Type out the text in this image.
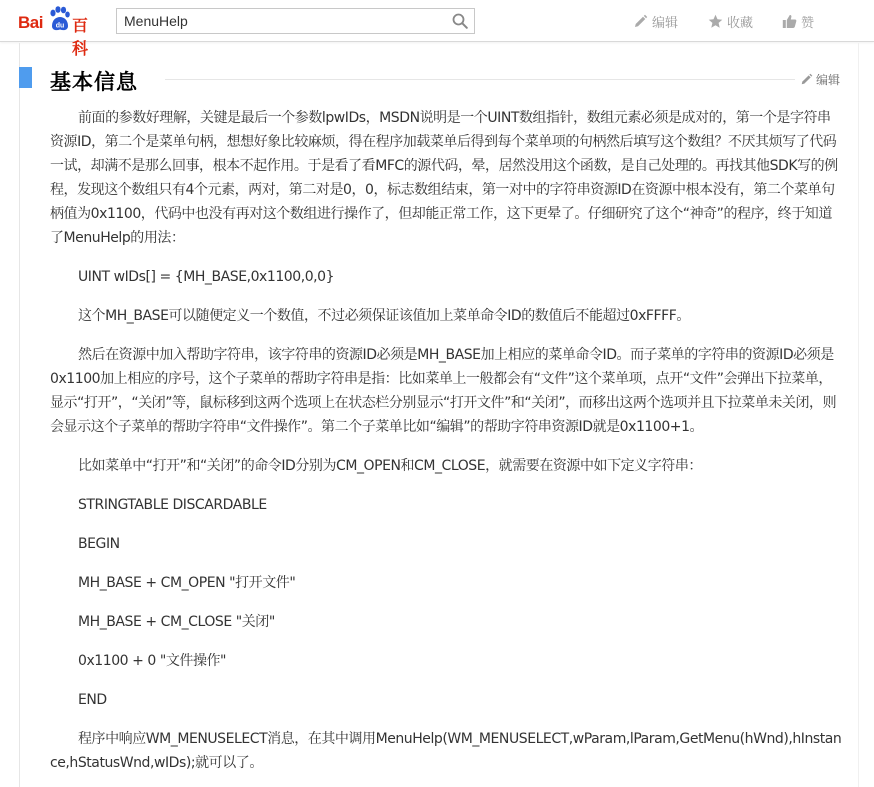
Bai du 百科
MenuHelp
编辑	收藏	赞
基本信息	编辑

前面的参数好理解，关键是最后一个参数lpwIDs，MSDN说明是一个UINT数组指针，数组元素必须是成对的，第一个是字符串资源ID，第二个是菜单句柄，想想好象比较麻烦，得在程序加载菜单后得到每个菜单项的句柄然后填写这个数组？不厌其烦写了代码一试，却满不是那么回事，根本不起作用。于是看了看MFC的源代码，晕，居然没用这个函数，是自己处理的。再找其他SDK写的例程，发现这个数组只有4个元素，两对，第二对是0，0，标志数组结束，第一对中的字符串资源ID在资源中根本没有，第二个菜单句柄值为0x1100，代码中也没有再对这个数组进行操作了，但却能正常工作，这下更晕了。仔细研究了这个“神奇”的程序，终于知道了MenuHelp的用法：

UINT wIDs[] = {MH_BASE,0x1100,0,0}

这个MH_BASE可以随便定义一个数值，不过必须保证该值加上菜单命令ID的数值后不能超过0xFFFF。

然后在资源中加入帮助字符串，该字符串的资源ID必须是MH_BASE加上相应的菜单命令ID。而子菜单的字符串的资源ID必须是0x1100加上相应的序号，这个子菜单的帮助字符串是指：比如菜单上一般都会有“文件”这个菜单项，点开“文件”会弹出下拉菜单，显示“打开”，“关闭”等，鼠标移到这两个选项上在状态栏分别显示“打开文件”和“关闭”，而移出这两个选项并且下拉菜单未关闭，则会显示这个子菜单的帮助字符串“文件操作”。第二个子菜单比如“编辑”的帮助字符串资源ID就是0x1100+1。

比如菜单中“打开”和“关闭”的命令ID分别为CM_OPEN和CM_CLOSE，就需要在资源中如下定义字符串：

STRINGTABLE DISCARDABLE

BEGIN

MH_BASE + CM_OPEN "打开文件"

MH_BASE + CM_CLOSE "关闭"

0x1100 + 0 "文件操作"

END

程序中响应WM_MENUSELECT消息，在其中调用MenuHelp(WM_MENUSELECT,wParam,lParam,GetMenu(hWnd),hInstance,hStatusWnd,wIDs);就可以了。
